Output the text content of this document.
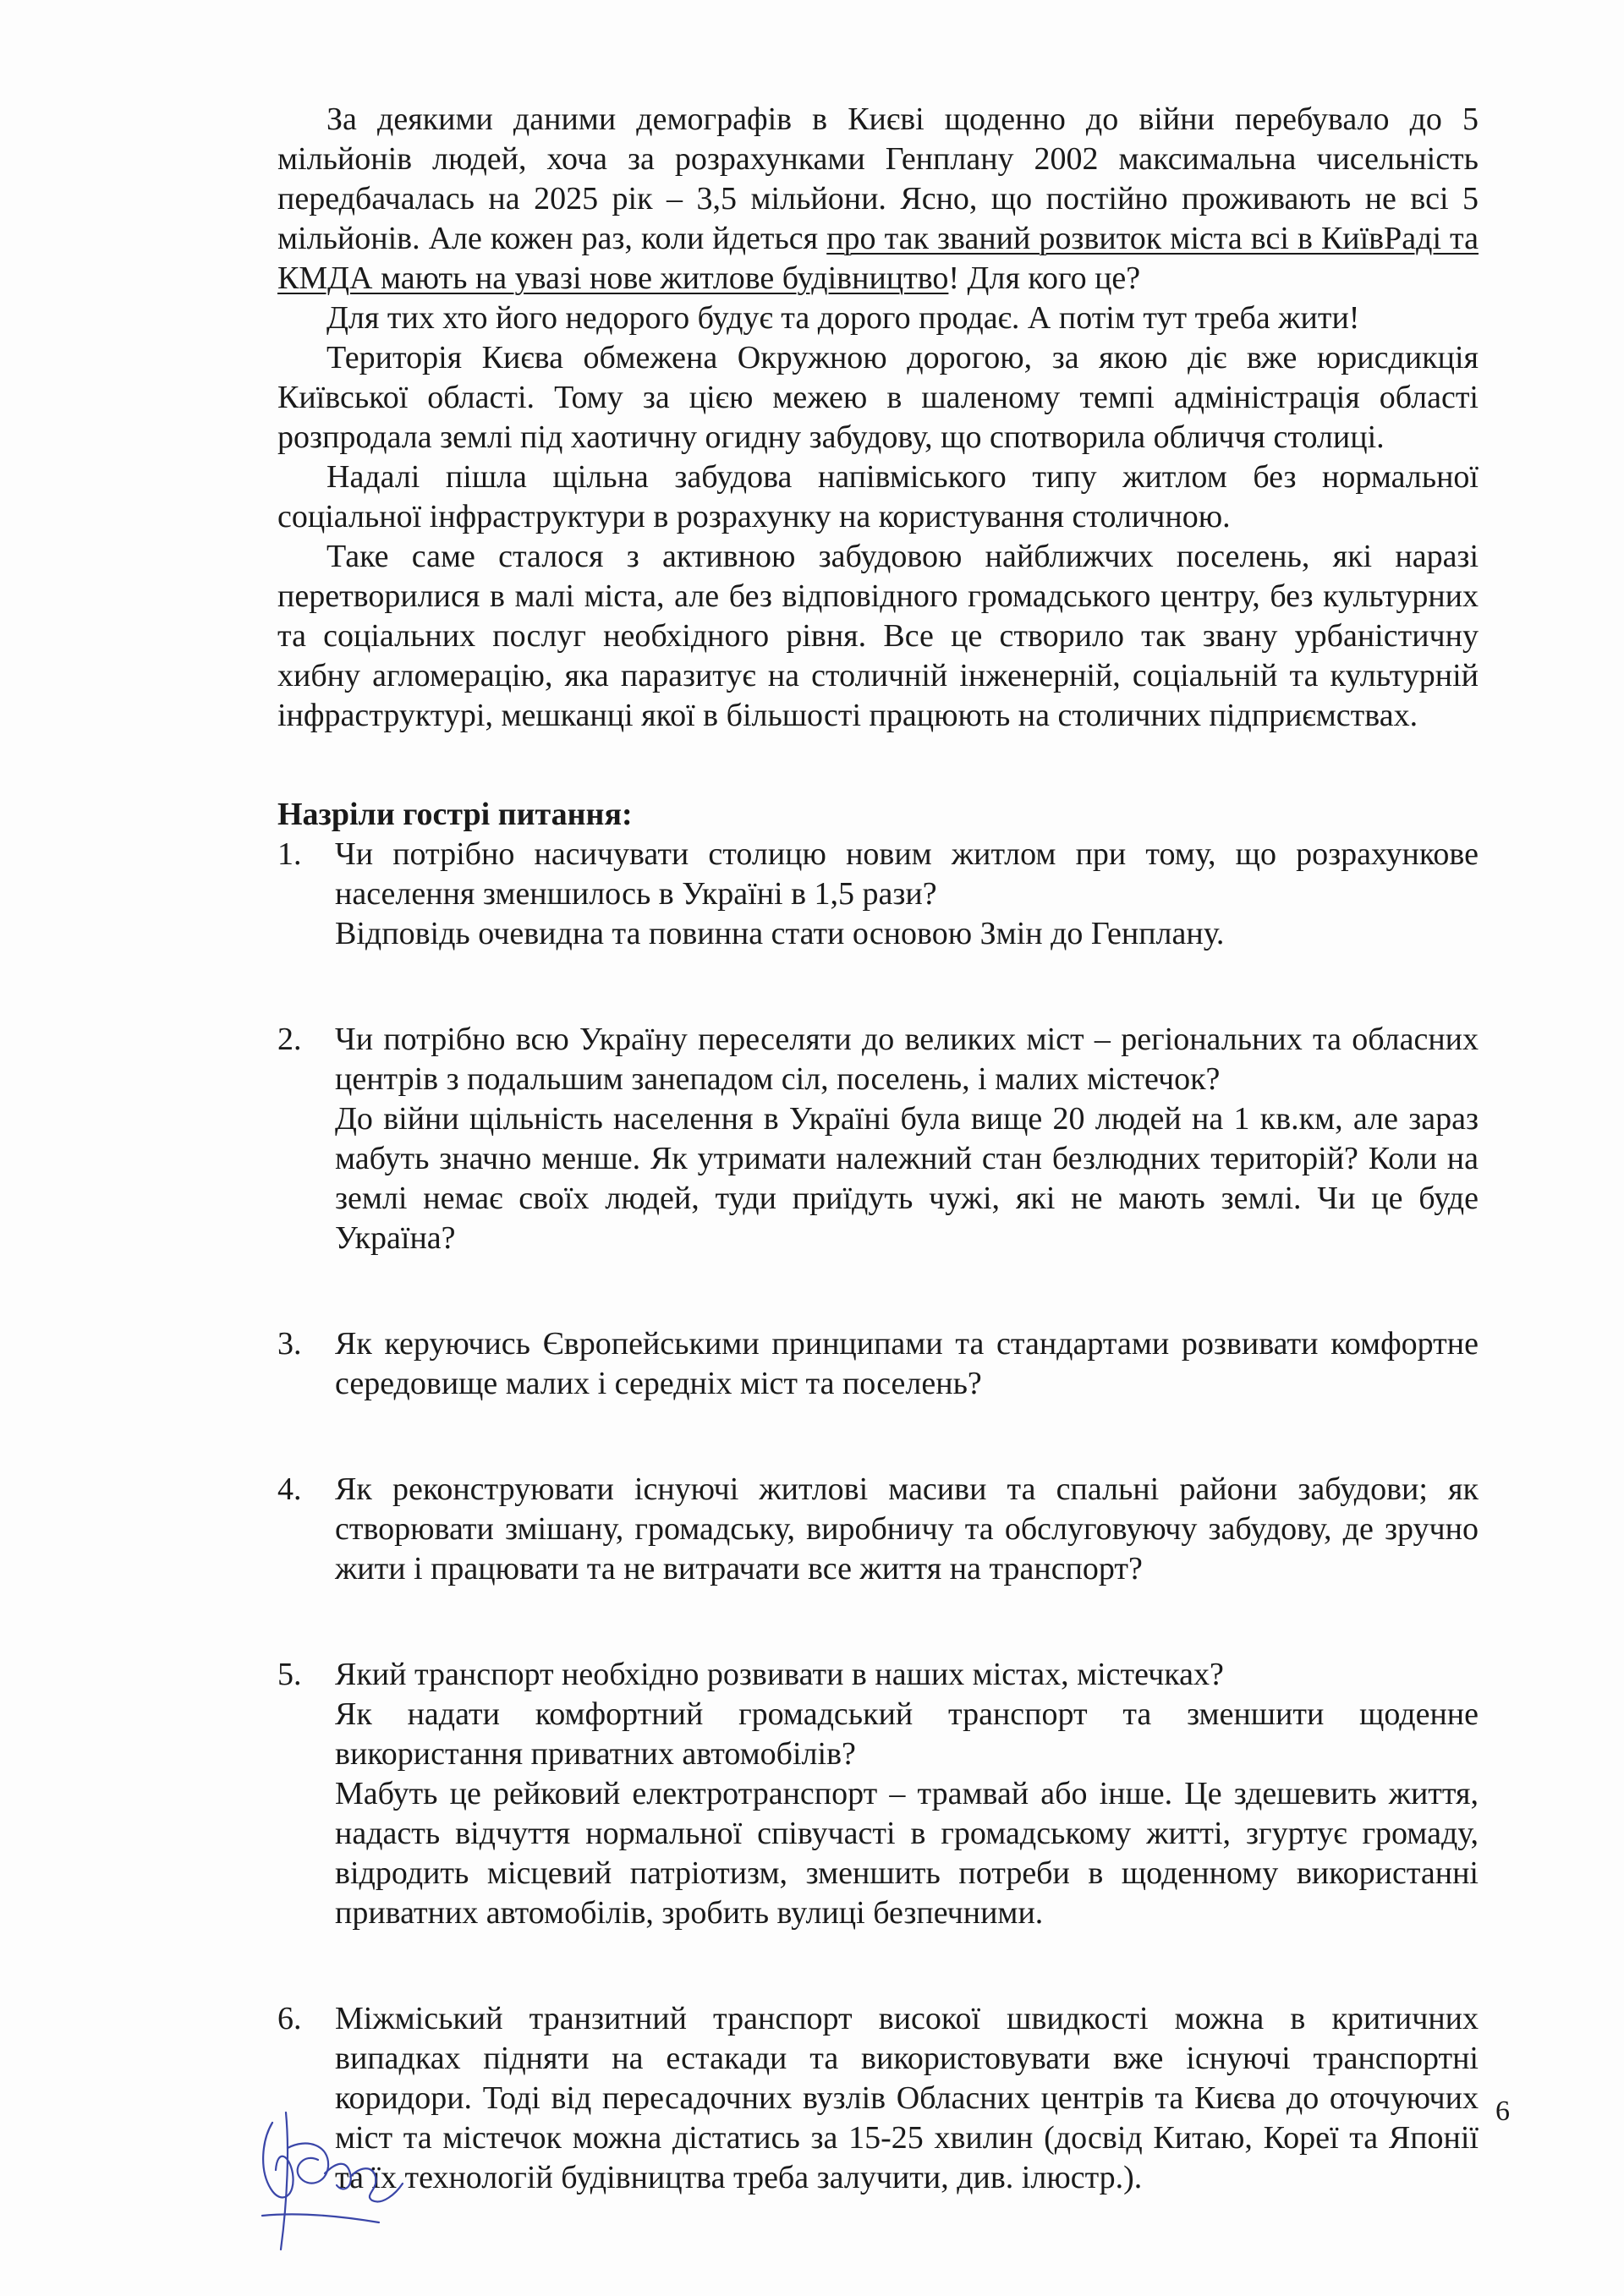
За деякими даними демографів в Києві щоденно до війни перебувало до 5 мільйонів людей, хоча за розрахунками Генплану 2002 максимальна чисельність передбачалась на 2025 рік – 3,5 мільйони. Ясно, що постійно проживають не всі 5 мільйонів. Але кожен раз, коли йдеться про так званий розвиток міста всі в КиївРаді та КМДА мають на увазі нове житлове будівництво! Для кого це?

Для тих хто його недорого будує та дорого продає. А потім тут треба жити!

Територія Києва обмежена Окружною дорогою, за якою діє вже юрисдикція Київської області. Тому за цією межею в шаленому темпі адміністрація області розпродала землі під хаотичну огидну забудову, що спотворила обличчя столиці.

Надалі пішла щільна забудова напівміського типу житлом без нормальної соціальної інфраструктури в розрахунку на користування столичною.

Таке саме сталося з активною забудовою найближчих поселень, які наразі перетворилися в малі міста, але без відповідного громадського центру, без культурних та соціальних послуг необхідного рівня. Все це створило так звану урбаністичну хибну агломерацію, яка паразитує на столичній інженерній, соціальній та культурній інфраструктурі, мешканці якої в більшості працюють на столичних підприємствах.

Назріли гострі питання:

1.	Чи потрібно насичувати столицю новим житлом при тому, що розрахункове населення зменшилось в Україні в 1,5 рази?
Відповідь очевидна та повинна стати основою Змін до Генплану.
2.	Чи потрібно всю Україну переселяти до великих міст – регіональних та обласних центрів з подальшим занепадом сіл, поселень, і малих містечок?
До війни щільність населення в Україні була вище 20 людей на 1 кв.км, але зараз мабуть значно менше. Як утримати належний стан безлюдних територій? Коли на землі немає своїх людей, туди приїдуть чужі, які не мають землі. Чи це буде Україна?
3.	Як керуючись Європейськими принципами та стандартами розвивати комфортне середовище малих і середніх міст та поселень?
4.	Як реконструювати існуючі житлові масиви та спальні райони забудови; як створювати змішану, громадську, виробничу та обслуговуючу забудову, де зручно жити і працювати та не витрачати все життя на транспорт?
5.	Який транспорт необхідно розвивати в наших містах, містечках?
Як надати комфортний громадський транспорт та зменшити щоденне використання приватних автомобілів?
Мабуть це рейковий електротранспорт – трамвай або інше. Це здешевить життя, надасть відчуття нормальної співучасті в громадському житті, згуртує громаду, відродить місцевий патріотизм, зменшить потреби в щоденному використанні приватних автомобілів, зробить вулиці безпечними.
6.	Міжміський транзитний транспорт високої швидкості можна в критичних випадках підняти на естакади та використовувати вже існуючі транспортні коридори. Тоді від пересадочних вузлів Обласних центрів та Києва до оточуючих міст та містечок можна дістатись за 15-25 хвилин (досвід Китаю, Кореї та Японії та їх технологій будівництва треба залучити, див. ілюстр.).
6
